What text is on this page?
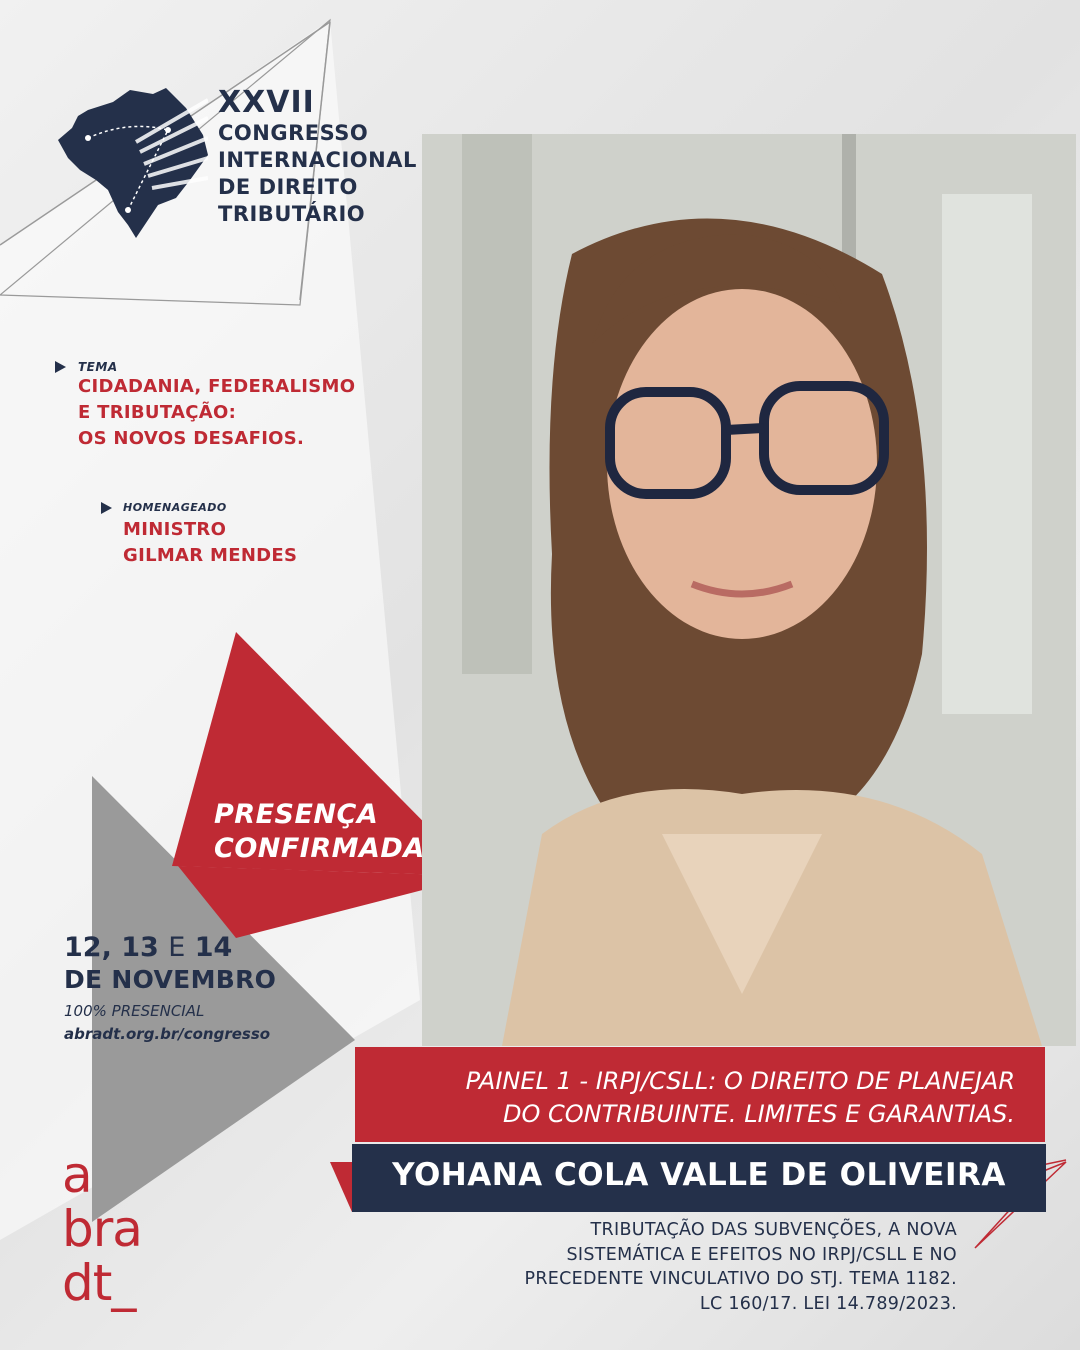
XXVII
CONGRESSO
INTERNACIONAL
DE DIREITO
TRIBUTÁRIO
TEMA
CIDADANIA, FEDERALISMO
E TRIBUTAÇÃO:
OS NOVOS DESAFIOS.
HOMENAGEADO
MINISTRO
GILMAR MENDES
PRESENÇA
CONFIRMADA
12, 13 E 14
DE NOVEMBRO
100% PRESENCIAL
abradt.org.br/congresso
PAINEL 1 - IRPJ/CSLL: O DIREITO DE PLANEJAR
DO CONTRIBUINTE. LIMITES E GARANTIAS.
YOHANA COLA VALLE DE OLIVEIRA
TRIBUTAÇÃO DAS SUBVENÇÕES, A NOVA
SISTEMÁTICA E EFEITOS NO IRPJ/CSLL E NO
PRECEDENTE VINCULATIVO DO STJ. TEMA 1182.
LC 160/17. LEI 14.789/2023.
a
bra
dt_
